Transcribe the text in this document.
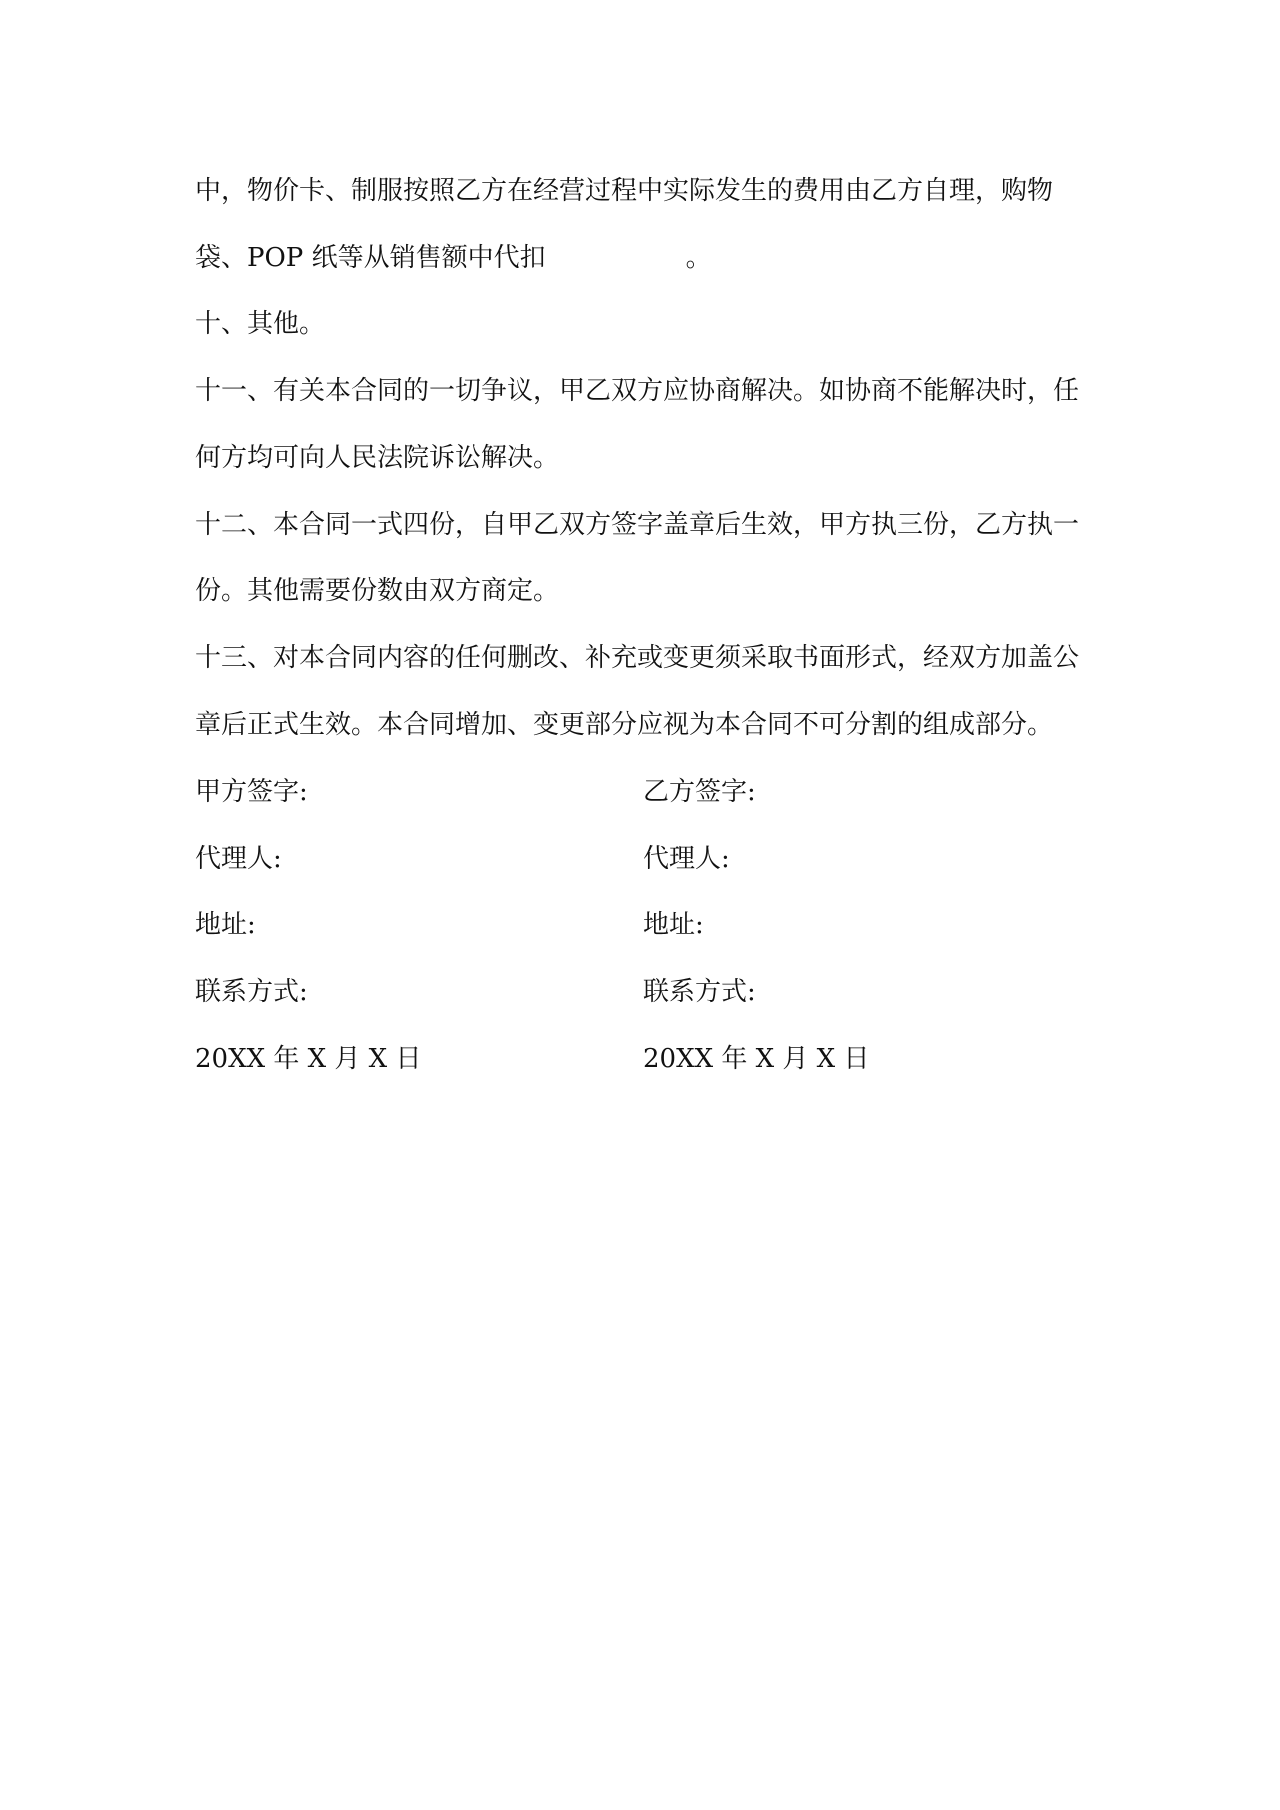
中，物价卡、制服按照乙方在经营过程中实际发生的费用由乙方自理，购物
袋、POP 纸等从销售额中代扣	。
十、其他。
十一、有关本合同的一切争议，甲乙双方应协商解决。如协商不能解决时，任
何方均可向人民法院诉讼解决。
十二、本合同一式四份，自甲乙双方签字盖章后生效，甲方执三份，乙方执一
份。其他需要份数由双方商定。
十三、对本合同内容的任何删改、补充或变更须采取书面形式，经双方加盖公
章后正式生效。本合同增加、变更部分应视为本合同不可分割的组成部分。
甲方签字:	乙方签字:
代理人:	代理人:
地址:	地址:
联系方式:	联系方式:
20XX 年 X 月 X 日	20XX 年 X 月 X 日
